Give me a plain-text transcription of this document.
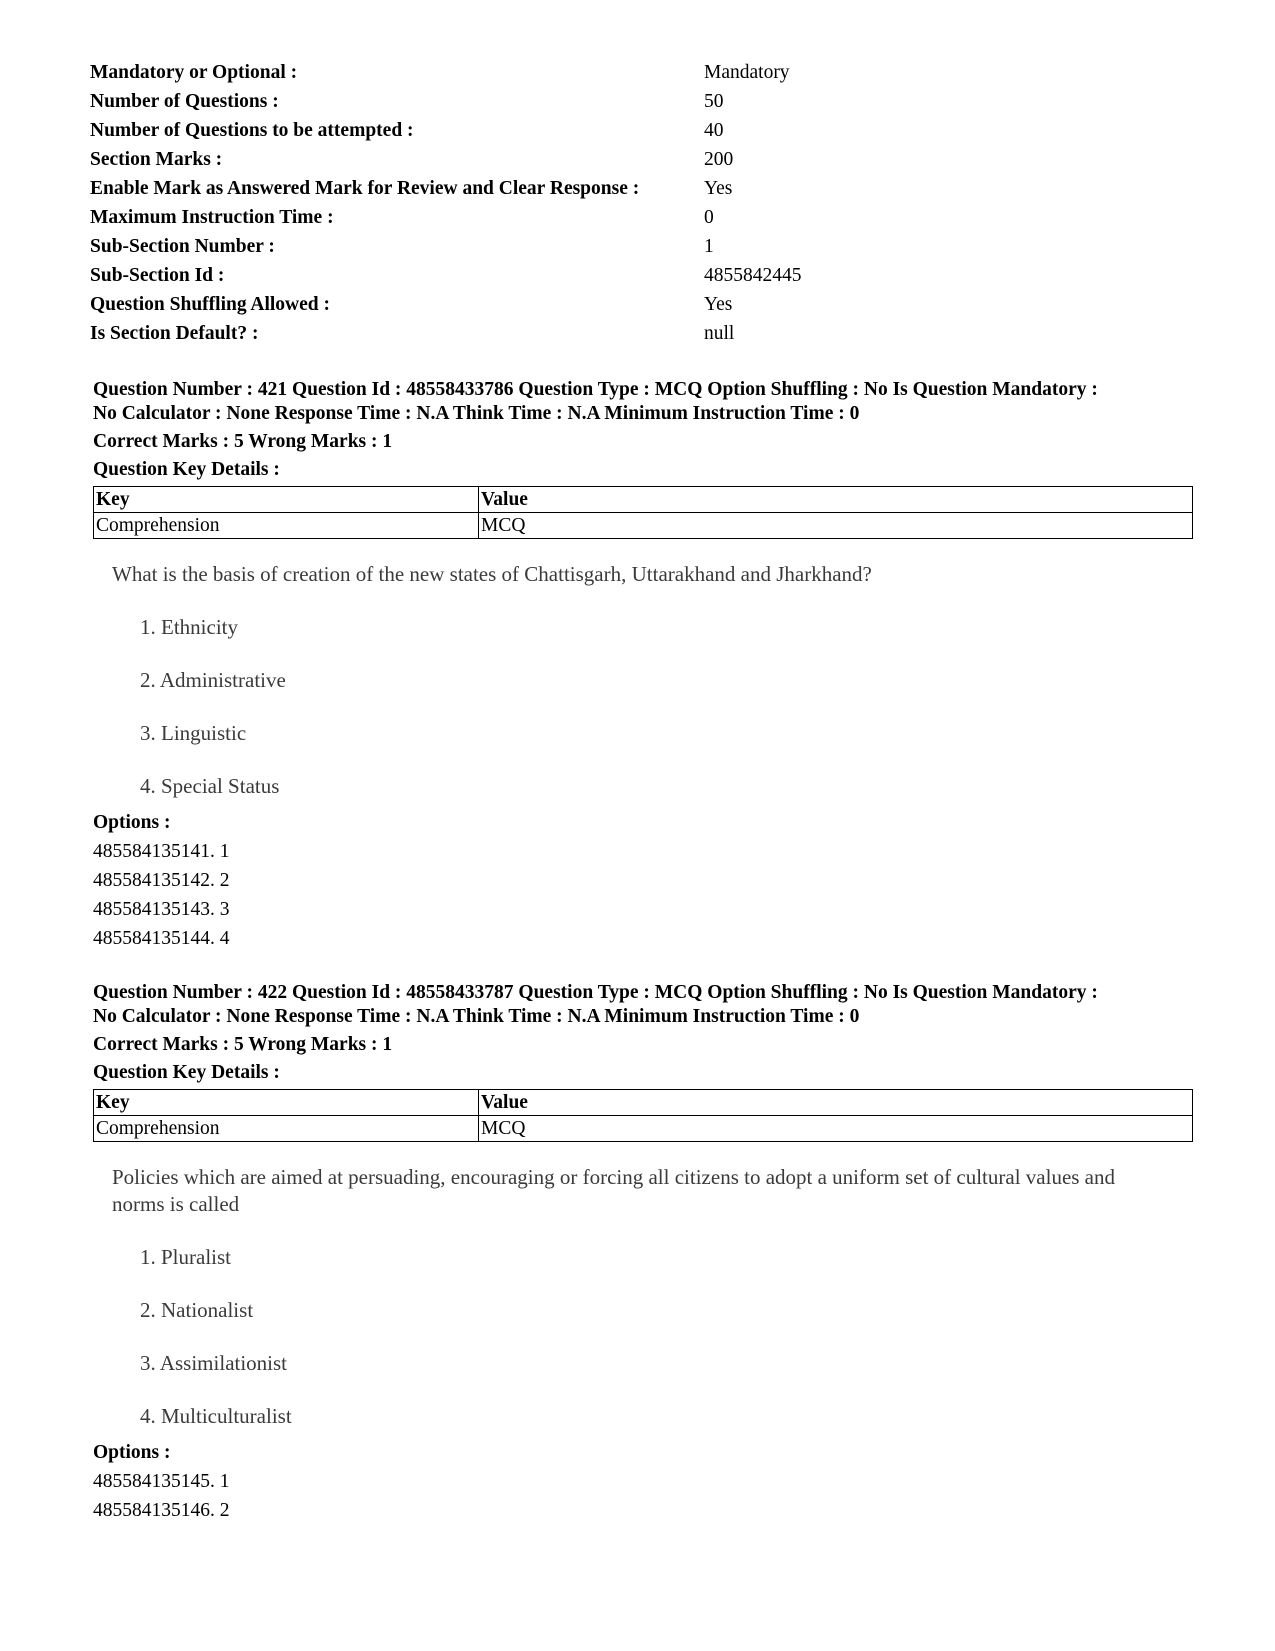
Mandatory or Optional :	Mandatory
Number of Questions :	50
Number of Questions to be attempted :	40
Section Marks :	200
Enable Mark as Answered Mark for Review and Clear Response :	Yes
Maximum Instruction Time :	0
Sub-Section Number :	1
Sub-Section Id :	4855842445
Question Shuffling Allowed :	Yes
Is Section Default? :	null
Question Number : 421 Question Id : 48558433786 Question Type : MCQ Option Shuffling : No Is Question Mandatory :
No Calculator : None Response Time : N.A Think Time : N.A Minimum Instruction Time : 0
Correct Marks : 5 Wrong Marks : 1
Question Key Details :
Key	Value
Comprehension	MCQ
What is the basis of creation of the new states of Chattisgarh, Uttarakhand and Jharkhand?
1. Ethnicity
2. Administrative
3. Linguistic
4. Special Status
Options :
485584135141. 1
485584135142. 2
485584135143. 3
485584135144. 4
Question Number : 422 Question Id : 48558433787 Question Type : MCQ Option Shuffling : No Is Question Mandatory :
No Calculator : None Response Time : N.A Think Time : N.A Minimum Instruction Time : 0
Correct Marks : 5 Wrong Marks : 1
Question Key Details :
Key	Value
Comprehension	MCQ
Policies which are aimed at persuading, encouraging or forcing all citizens to adopt a uniform set of cultural values and norms is called
1. Pluralist
2. Nationalist
3. Assimilationist
4. Multiculturalist
Options :
485584135145. 1
485584135146. 2
